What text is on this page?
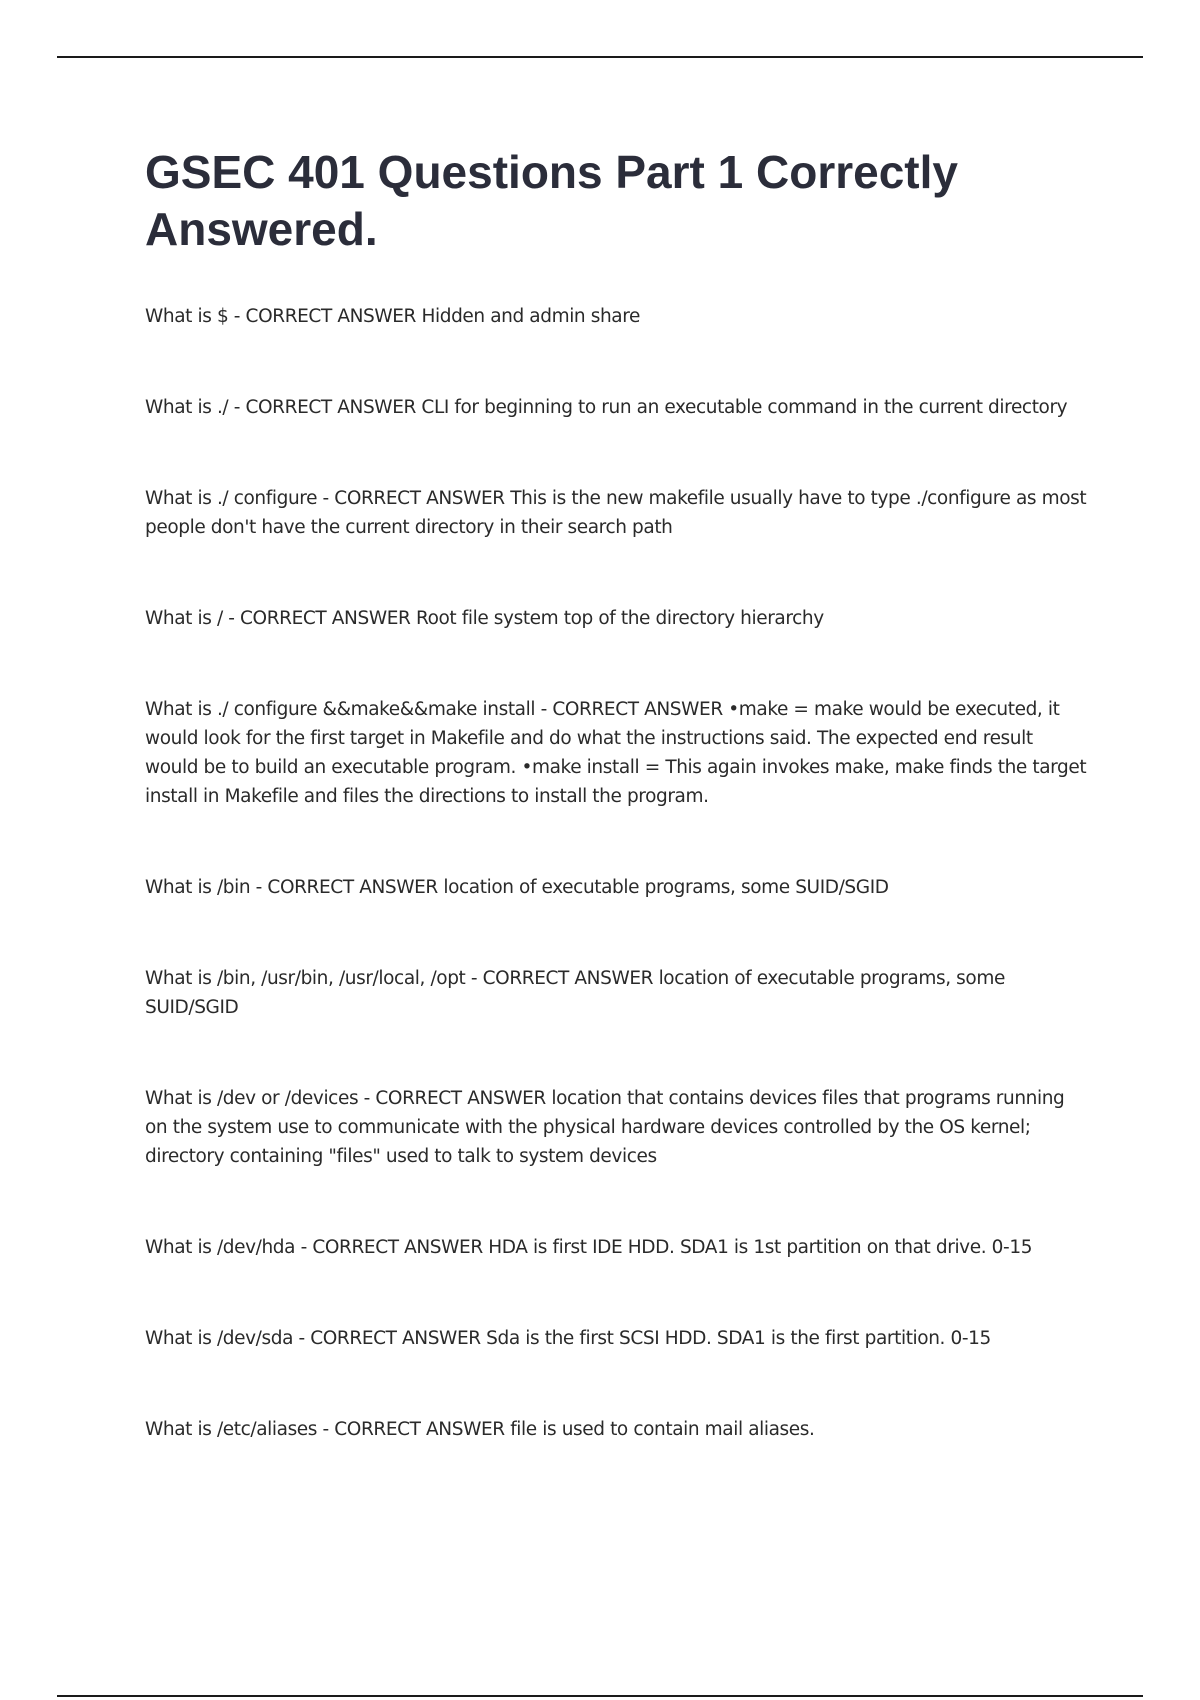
GSEC 401 Questions Part 1 Correctly Answered.
What is $ - CORRECT ANSWER Hidden and admin share
What is ./ - CORRECT ANSWER CLI for beginning to run an executable command in the current directory
What is ./ configure - CORRECT ANSWER This is the new makefile usually have to type ./configure as most people don't have the current directory in their search path
What is / - CORRECT ANSWER Root file system top of the directory hierarchy
What is ./ configure &&make&&make install - CORRECT ANSWER •make = make would be executed, it would look for the first target in Makefile and do what the instructions said. The expected end result would be to build an executable program. •make install = This again invokes make, make finds the target install in Makefile and files the directions to install the program.
What is /bin - CORRECT ANSWER location of executable programs, some SUID/SGID
What is /bin, /usr/bin, /usr/local, /opt - CORRECT ANSWER location of executable programs, some SUID/SGID
What is /dev or /devices - CORRECT ANSWER location that contains devices files that programs running on the system use to communicate with the physical hardware devices controlled by the OS kernel; directory containing "files" used to talk to system devices
What is /dev/hda - CORRECT ANSWER HDA is first IDE HDD. SDA1 is 1st partition on that drive. 0-15
What is /dev/sda - CORRECT ANSWER Sda is the first SCSI HDD. SDA1 is the first partition. 0-15
What is /etc/aliases - CORRECT ANSWER file is used to contain mail aliases.
